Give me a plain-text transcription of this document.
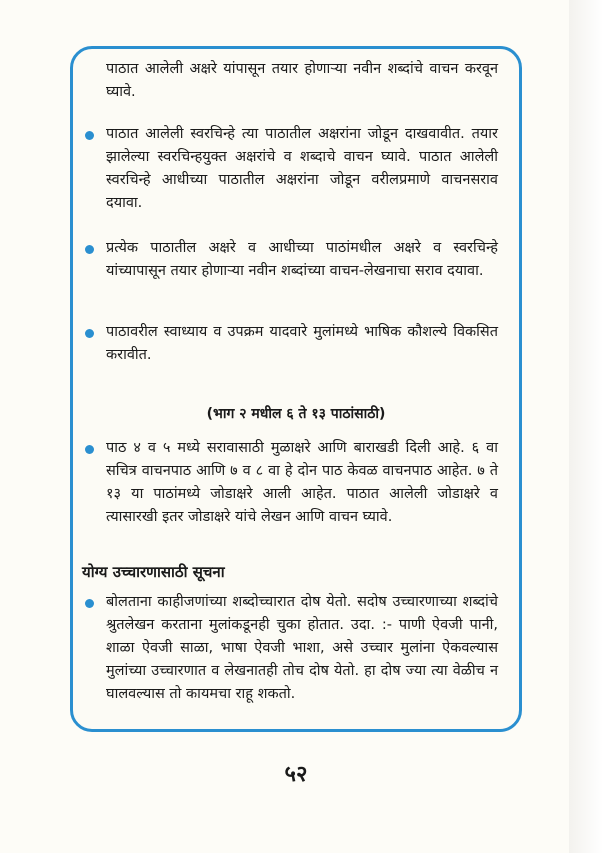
पाठात आलेली अक्षरे यांपासून तयार होणाऱ्या नवीन शब्दांचे वाचन करवून घ्यावे.
पाठात आलेली स्वरचिन्हे त्या पाठातील अक्षरांना जोडून दाखवावीत. तयार झालेल्या स्वरचिन्हयुक्त अक्षरांचे व शब्दाचे वाचन घ्यावे. पाठात आलेली स्वरचिन्हे आधीच्या पाठातील अक्षरांना जोडून वरीलप्रमाणे वाचनसराव दयावा.
प्रत्येक पाठातील अक्षरे व आधीच्या पाठांमधील अक्षरे व स्वरचिन्हे यांच्यापासून तयार होणाऱ्या नवीन शब्दांच्या वाचन-लेखनाचा सराव दयावा.
पाठावरील स्वाध्याय व उपक्रम यादवारे मुलांमध्ये भाषिक कौशल्ये विकसित करावीत.
(भाग २ मधील ६ ते १३ पाठांसाठी)
पाठ ४ व ५ मध्ये सरावासाठी मुळाक्षरे आणि बाराखडी दिली आहे. ६ वा सचित्र वाचनपाठ आणि ७ व ८ वा हे दोन पाठ केवळ वाचनपाठ आहेत. ७ ते १३ या पाठांमध्ये जोडाक्षरे आली आहेत. पाठात आलेली जोडाक्षरे व त्यासारखी इतर जोडाक्षरे यांचे लेखन आणि वाचन घ्यावे.
योग्य उच्चारणासाठी सूचना
बोलताना काहीजणांच्या शब्दोच्चारात दोष येतो. सदोष उच्चारणाच्या शब्दांचे श्रुतलेखन करताना मुलांकडूनही चुका होतात. उदा. :- पाणी ऐवजी पानी, शाळा ऐवजी साळा, भाषा ऐवजी भाशा, असे उच्चार मुलांना ऐकवल्यास मुलांच्या उच्चारणात व लेखनातही तोच दोष येतो. हा दोष ज्या त्या वेळीच न घालवल्यास तो कायमचा राहू शकतो.
५२
